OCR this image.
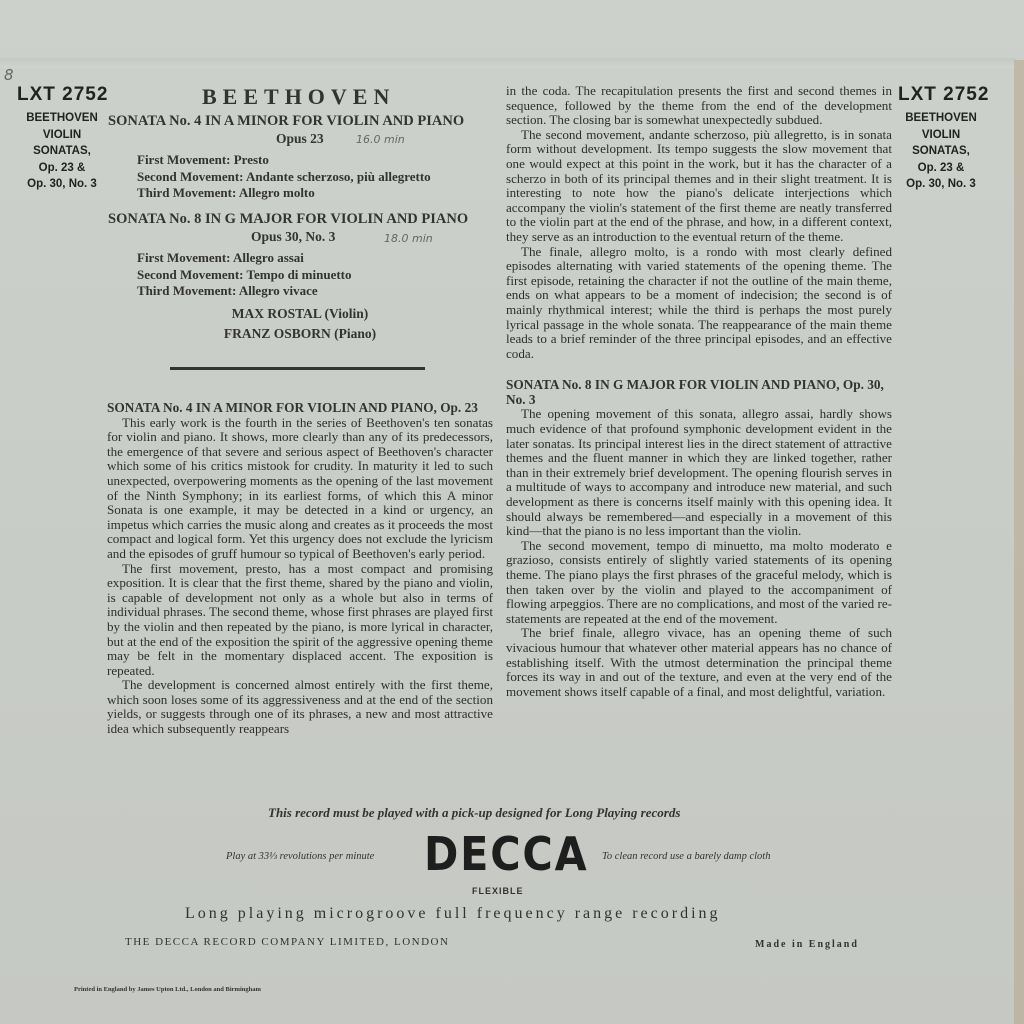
8
LXT 2752
BEETHOVEN
VIOLIN
SONATAS,
Op. 23 &
Op. 30, No. 3
LXT 2752
BEETHOVEN
VIOLIN
SONATAS,
Op. 23 &
Op. 30, No. 3
BEETHOVEN
SONATA No. 4 IN A MINOR FOR VIOLIN AND PIANO
Opus 23	16.0 min
First Movement: Presto
Second Movement: Andante scherzoso, più allegretto
Third Movement: Allegro molto
SONATA No. 8 IN G MAJOR FOR VIOLIN AND PIANO
Opus 30, No. 3	18.0 min
First Movement: Allegro assai
Second Movement: Tempo di minuetto
Third Movement: Allegro vivace
MAX ROSTAL (Violin)
FRANZ OSBORN (Piano)
SONATA No. 4 IN A MINOR FOR VIOLIN AND PIANO, Op. 23

This early work is the fourth in the series of Beethoven's ten sonatas for violin and piano. It shows, more clearly than any of its predecessors, the emergence of that severe and serious aspect of Beethoven's character which some of his critics mistook for crudity. In maturity it led to such unexpected, overpowering moments as the opening of the last movement of the Ninth Symphony; in its earliest forms, of which this A minor Sonata is one example, it may be detected in a kind or urgency, an impetus which carries the music along and creates as it proceeds the most compact and logical form. Yet this urgency does not exclude the lyricism and the episodes of gruff humour so typical of Beethoven's early period.

The first movement, presto, has a most compact and promising exposition. It is clear that the first theme, shared by the piano and violin, is capable of development not only as a whole but also in terms of individual phrases. The second theme, whose first phrases are played first by the violin and then repeated by the piano, is more lyrical in character, but at the end of the exposition the spirit of the aggressive opening theme may be felt in the momentary displaced accent. The exposition is repeated.

The development is concerned almost entirely with the first theme, which soon loses some of its aggressiveness and at the end of the section yields, or suggests through one of its phrases, a new and most attractive idea which subsequently reappears

in the coda. The recapitulation presents the first and second themes in sequence, followed by the theme from the end of the development section. The closing bar is somewhat unexpectedly subdued.

The second movement, andante scherzoso, più allegretto, is in sonata form without development. Its tempo suggests the slow movement that one would expect at this point in the work, but it has the character of a scherzo in both of its principal themes and in their slight treatment. It is interesting to note how the piano's delicate interjections which accompany the violin's statement of the first theme are neatly transferred to the violin part at the end of the phrase, and how, in a different context, they serve as an introduction to the eventual return of the theme.

The finale, allegro molto, is a rondo with most clearly defined episodes alternating with varied statements of the opening theme. The first episode, retaining the character if not the outline of the main theme, ends on what appears to be a moment of indecision; the second is of mainly rhythmical interest; while the third is perhaps the most purely lyrical passage in the whole sonata. The reappearance of the main theme leads to a brief reminder of the three principal episodes, and an effective coda.

SONATA No. 8 IN G MAJOR FOR VIOLIN AND PIANO, Op. 30, No. 3

The opening movement of this sonata, allegro assai, hardly shows much evidence of that profound symphonic development evident in the later sonatas. Its principal interest lies in the direct statement of attractive themes and the fluent manner in which they are linked together, rather than in their extremely brief development. The opening flourish serves in a multitude of ways to accompany and introduce new material, and such development as there is concerns itself mainly with this opening idea. It should always be remembered—and especially in a movement of this kind—that the piano is no less important than the violin.

The second movement, tempo di minuetto, ma molto moderato e grazioso, consists entirely of slightly varied statements of its opening theme. The piano plays the first phrases of the graceful melody, which is then taken over by the violin and played to the accompaniment of flowing arpeggios. There are no complications, and most of the varied re-statements are repeated at the end of the movement.

The brief finale, allegro vivace, has an opening theme of such vivacious humour that whatever other material appears has no chance of establishing itself. With the utmost determination the principal theme forces its way in and out of the texture, and even at the very end of the movement shows itself capable of a final, and most delightful, variation.

This record must be played with a pick-up designed for Long Playing records
Play at 33⅓ revolutions per minute DECCA
FLEXIBLE
To clean record use a barely damp cloth
Long playing microgroove full frequency range recording
THE DECCA RECORD COMPANY LIMITED, LONDON	Made in England
Printed in England by James Upton Ltd., London and Birmingham
